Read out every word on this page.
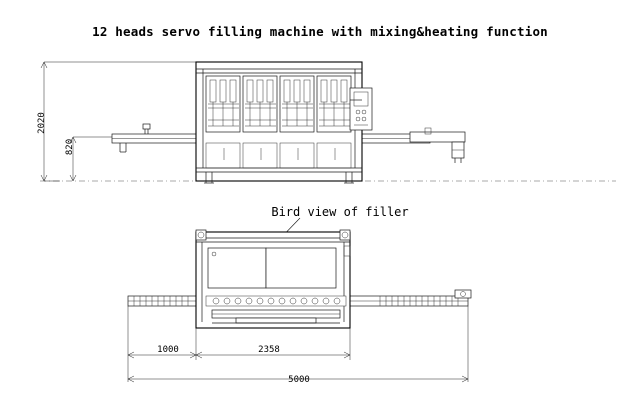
12 heads servo filling machine with mixing&heating function
Bird view of filler
2020
820
1000	2358
5000
